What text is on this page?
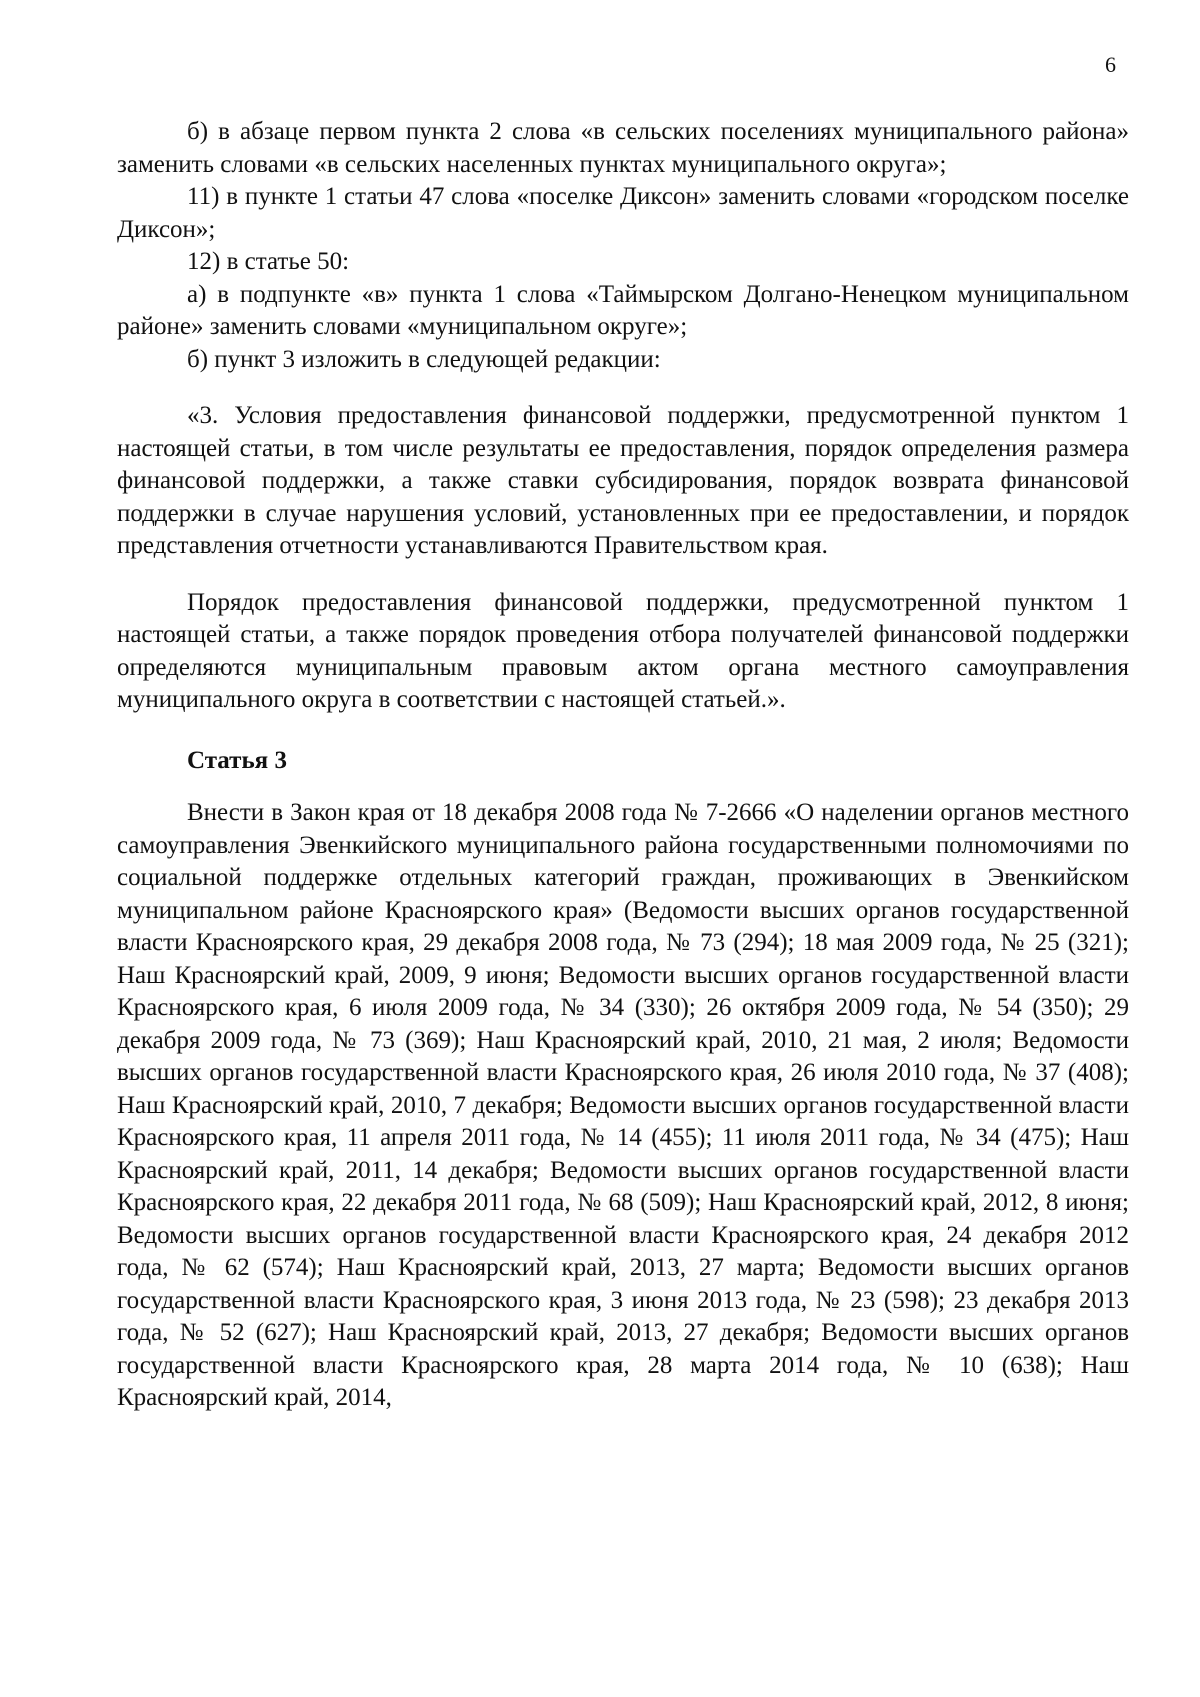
6

б) в абзаце первом пункта 2 слова «в сельских поселениях муниципального района» заменить словами «в сельских населенных пунктах муниципального округа»;

11) в пункте 1 статьи 47 слова «поселке Диксон» заменить словами «городском поселке Диксон»;

12) в статье 50:

а) в подпункте «в» пункта 1 слова «Таймырском Долгано-Ненецком муниципальном районе» заменить словами «муниципальном округе»;

б) пункт 3 изложить в следующей редакции:

«3. Условия предоставления финансовой поддержки, предусмотренной пунктом 1 настоящей статьи, в том числе результаты ее предоставления, порядок определения размера финансовой поддержки, а также ставки субсидирования, порядок возврата финансовой поддержки в случае нарушения условий, установленных при ее предоставлении, и порядок представления отчетности устанавливаются Правительством края.

Порядок предоставления финансовой поддержки, предусмотренной пунктом 1 настоящей статьи, а также порядок проведения отбора получателей финансовой поддержки определяются муниципальным правовым актом органа местного самоуправления муниципального округа в соответствии с настоящей статьей.».

Статья 3

Внести в Закон края от 18 декабря 2008 года № 7-2666 «О наделении органов местного самоуправления Эвенкийского муниципального района государственными полномочиями по социальной поддержке отдельных категорий граждан, проживающих в Эвенкийском муниципальном районе Красноярского края» (Ведомости высших органов государственной власти Красноярского края, 29 декабря 2008 года, № 73 (294); 18 мая 2009 года, № 25 (321); Наш Красноярский край, 2009, 9 июня; Ведомости высших органов государственной власти Красноярского края, 6 июля 2009 года, № 34 (330); 26 октября 2009 года, № 54 (350); 29 декабря 2009 года, № 73 (369); Наш Красноярский край, 2010, 21 мая, 2 июля; Ведомости высших органов государственной власти Красноярского края, 26 июля 2010 года, № 37 (408); Наш Красноярский край, 2010, 7 декабря; Ведомости высших органов государственной власти Красноярского края, 11 апреля 2011 года, № 14 (455); 11 июля 2011 года, № 34 (475); Наш Красноярский край, 2011, 14 декабря; Ведомости высших органов государственной власти Красноярского края, 22 декабря 2011 года, № 68 (509); Наш Красноярский край, 2012, 8 июня; Ведомости высших органов государственной власти Красноярского края, 24 декабря 2012 года, № 62 (574); Наш Красноярский край, 2013, 27 марта; Ведомости высших органов государственной власти Красноярского края, 3 июня 2013 года, № 23 (598); 23 декабря 2013 года, № 52 (627); Наш Красноярский край, 2013, 27 декабря; Ведомости высших органов государственной власти Красноярского края, 28 марта 2014 года, № 10 (638); Наш Красноярский край, 2014,
